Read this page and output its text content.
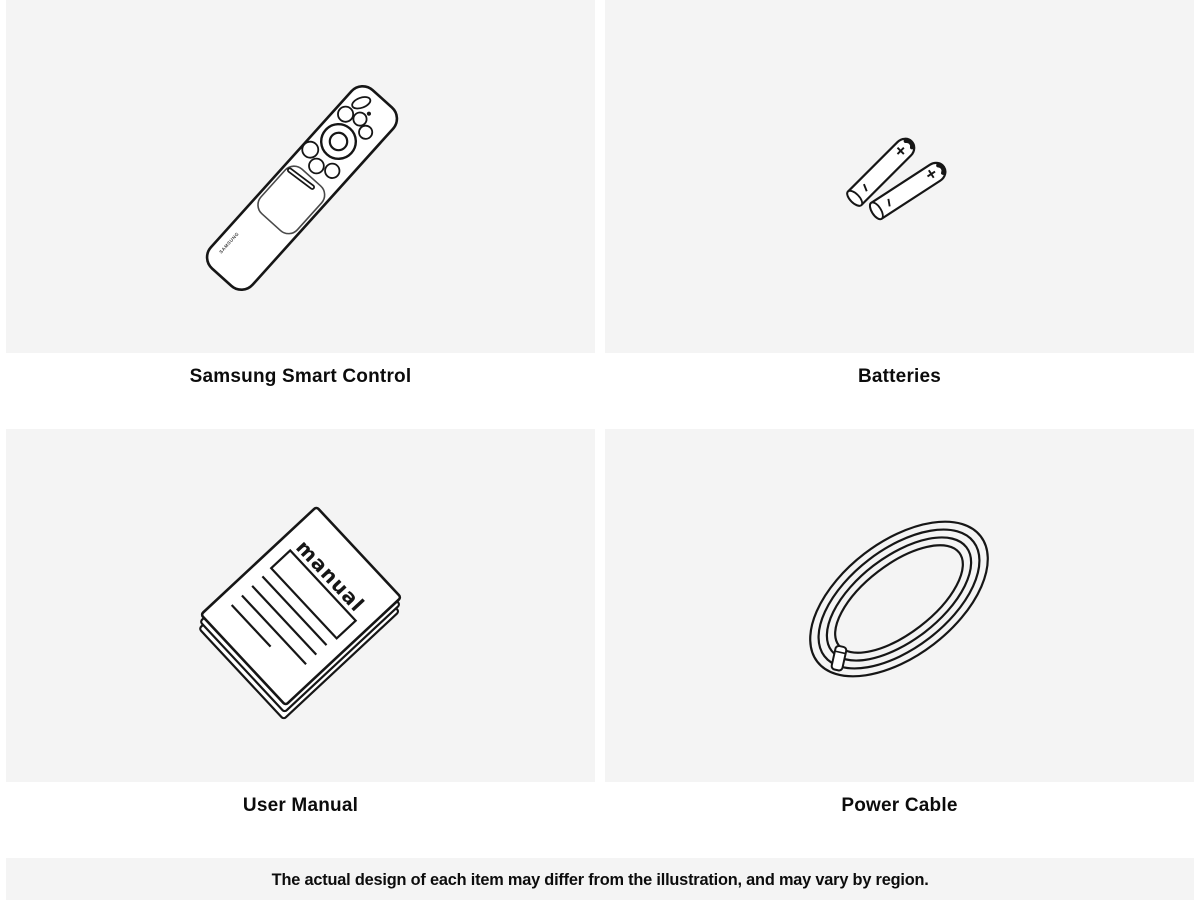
SAMSUNG
Samsung Smart Control	Batteries
manual
User Manual	Power Cable
The actual design of each item may differ from the illustration, and may vary by region.
